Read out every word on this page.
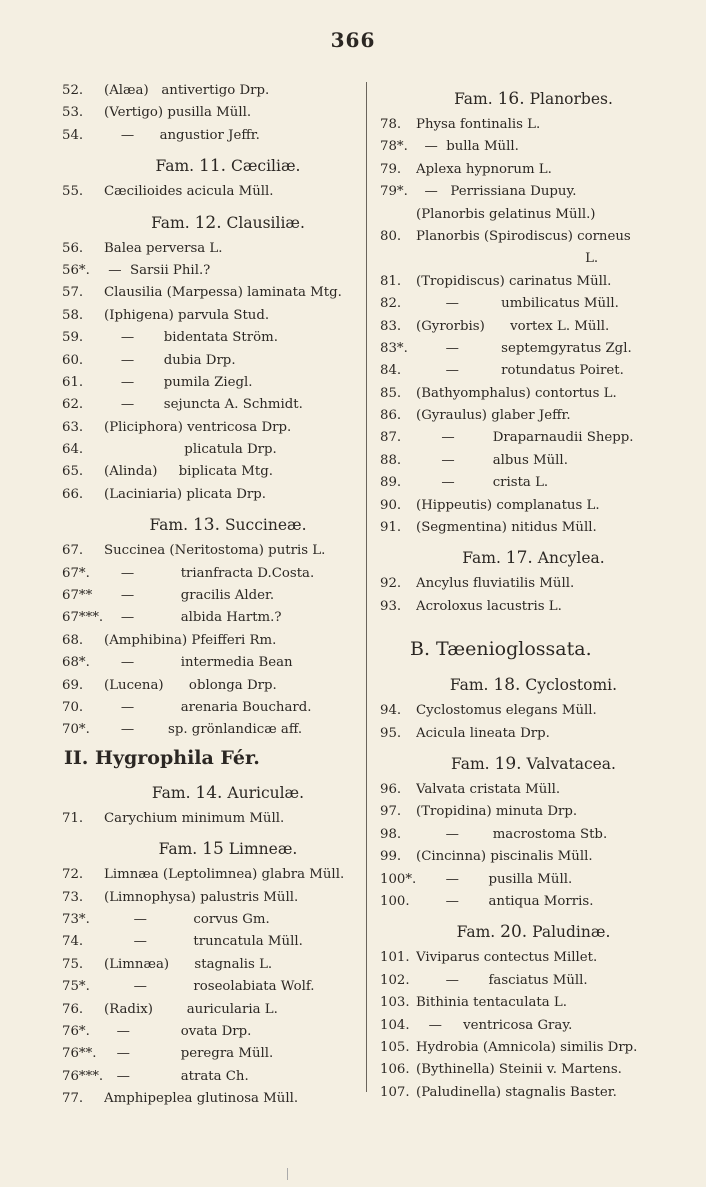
366
52.	(Alæa)   antivertigo Drp.
53.	(Vertigo) pusilla Müll.
54.	—      angustior Jeffr.
Fam. 11. Cæciliæ.
55.	Cæcilioides acicula Müll.
Fam. 12. Clausiliæ.
56.	Balea perversa L.
56*.	—  Sarsii Phil.?
57.	Clausilia (Marpessa) laminata Mtg.
58.	(Iphigena) parvula Stud.
59.	—       bidentata Ström.
60.	—       dubia Drp.
61.	—       pumila Ziegl.
62.	—       sejuncta A. Schmidt.
63.	(Pliciphora) ventricosa Drp.
64.	plicatula Drp.
65.	(Alinda)     biplicata Mtg.
66.	(Laciniaria) plicata Drp.
Fam. 13. Succineæ.
67.	Succinea (Neritostoma) putris L.
67*.	—           trianfracta D.Costa.
67** —           gracilis Alder.
67***. —           albida Hartm.?
68.	(Amphibina) Pfeifferi Rm.
68*.	—           intermedia Bean
69.	(Lucena)      oblonga Drp.
70.	—           arenaria Bouchard.
70*.	—        sp. grönlandicæ aff.
II. Hygrophila Fér.
Fam. 14. Auriculæ.
71.	Carychium minimum Müll.
Fam. 15 Limneæ.
72.	Limnæa (Leptolimnea) glabra Müll.
73.	(Limnophysa) palustris Müll.
73*.	—           corvus Gm.
74.	—           truncatula Müll.
75.	(Limnæa)      stagnalis L.
75*.	—           roseolabiata Wolf.
76.	(Radix)        auricularia L.
76*.	—            ovata Drp.
76**. —            peregra Müll.
76***. —            atrata Ch.
77.	Amphipeplea glutinosa Müll.
Fam. 16. Planorbes.
78.	Physa fontinalis L.
78*. —  bulla Müll.
79.	Aplexa hypnorum L.
79*. —   Perrissiana Dupuy.
(Planorbis gelatinus Müll.)
80.	Planorbis (Spirodiscus) corneus
L.
81.	(Tropidiscus) carinatus Müll.
82.	—          umbilicatus Müll.
83.	(Gyrorbis)      vortex L. Müll.
83*. —          septemgyratus Zgl.
84.	—          rotundatus Poiret.
85.	(Bathyomphalus) contortus L.
86.	(Gyraulus) glaber Jeffr.
87.	—         Draparnaudii Shepp.
88.	—         albus Müll.
89.	—         crista L.
90.	(Hippeutis) complanatus L.
91.	(Segmentina) nitidus Müll.
Fam. 17. Ancylea.
92.	Ancylus fluviatilis Müll.
93.	Acroloxus lacustris L.
B. Tæenioglossata.
Fam. 18. Cyclostomi.
94.	Cyclostomus elegans Müll.
95.	Acicula lineata Drp.
Fam. 19. Valvatacea.
96.	Valvata cristata Müll.
97.	(Tropidina) minuta Drp.
98.	—        macrostoma Stb.
99.	(Cincinna) piscinalis Müll.
100*. —       pusilla Müll.
100. —       antiqua Morris.
Fam. 20. Paludinæ.
101. Viviparus contectus Millet.
102. —       fasciatus Müll.
103. Bithinia tentaculata L.
104. —     ventricosa Gray.
105. Hydrobia (Amnicola) similis Drp.
106. (Bythinella) Steinii v. Martens.
107. (Paludinella) stagnalis Baster.
